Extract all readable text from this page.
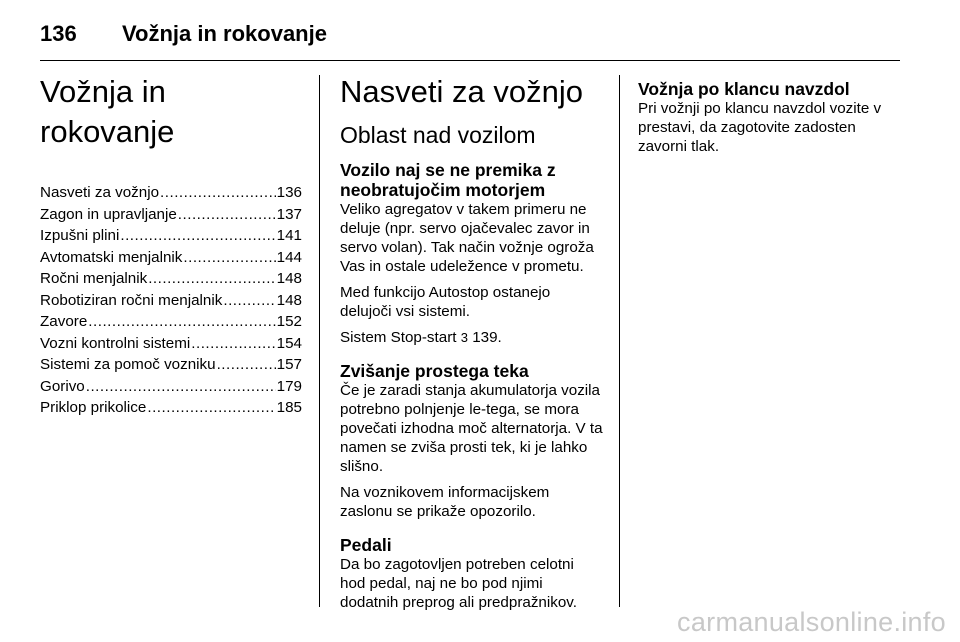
136	Vožnja in rokovanje
Vožnja in rokovanje
Nasveti za vožnjo .....	136
Zagon in upravljanje .....	137
Izpušni plini .....	141
Avtomatski menjalnik .....	144
Ročni menjalnik .....	148
Robotiziran ročni menjalnik .....	148
Zavore .....	152
Vozni kontrolni sistemi .....	154
Sistemi za pomoč vozniku .....	157
Gorivo .....	179
Priklop prikolice .....	185
Nasveti za vožnjo
Oblast nad vozilom
Vozilo naj se ne premika z neobratujočim motorjem

Veliko agregatov v takem primeru ne deluje (npr. servo ojačevalec zavor in servo volan). Tak način vožnje ogroža Vas in ostale udeležence v prometu.

Med funkcijo Autostop ostanejo delujoči vsi sistemi.

Sistem Stop-start 3 139.

Zvišanje prostega teka

Če je zaradi stanja akumulatorja vozila potrebno polnjenje le-tega, se mora povečati izhodna moč alternatorja. V ta namen se zviša prosti tek, ki je lahko slišno.

Na voznikovem informacijskem zaslonu se prikaže opozorilo.

Pedali

Da bo zagotovljen potreben celotni hod pedal, naj ne bo pod njimi dodatnih preprog ali predpražnikov.

Vožnja po klancu navzdol

Pri vožnji po klancu navzdol vozite v prestavi, da zagotovite zadosten zavorni tlak.

carmanualsonline.info
